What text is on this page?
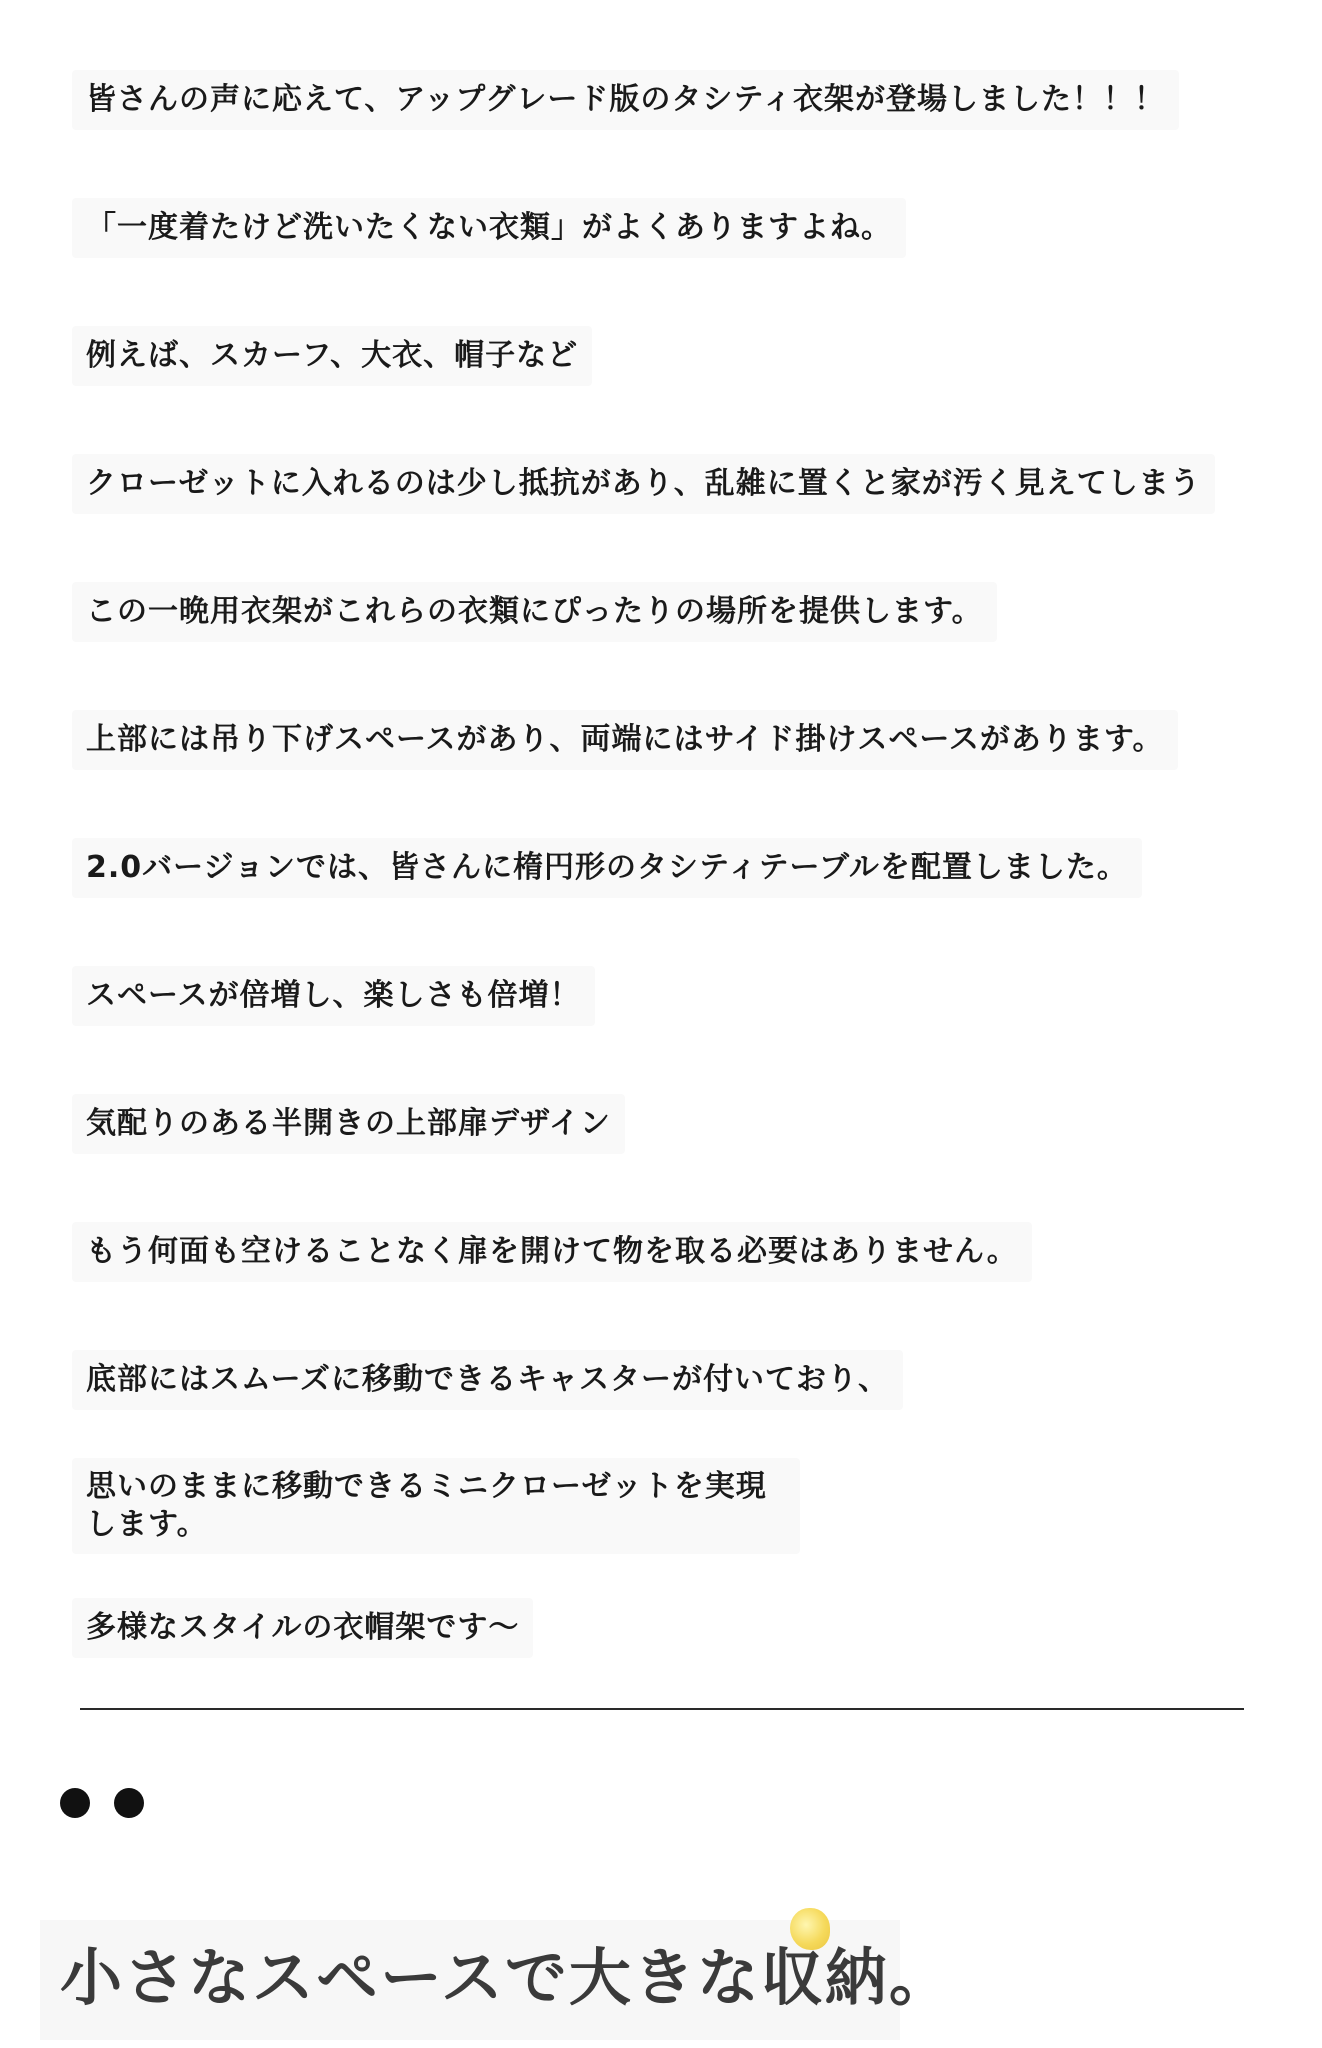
皆さんの声に応えて、アップグレード版のタシティ衣架が登場しました！！！
「一度着たけど洗いたくない衣類」がよくありますよね。
例えば、スカーフ、大衣、帽子など
クローゼットに入れるのは少し抵抗があり、乱雑に置くと家が汚く見えてしまう
この一晩用衣架がこれらの衣類にぴったりの場所を提供します。
上部には吊り下げスペースがあり、両端にはサイド掛けスペースがあります。
2.0バージョンでは、皆さんに楕円形のタシティテーブルを配置しました。
スペースが倍増し、楽しさも倍増！
気配りのある半開きの上部扉デザイン
もう何面も空けることなく扉を開けて物を取る必要はありません。
底部にはスムーズに移動できるキャスターが付いており、
思いのままに移動できるミニクローゼットを実現します。
多様なスタイルの衣帽架です～
小さなスペースで大きな収納。
